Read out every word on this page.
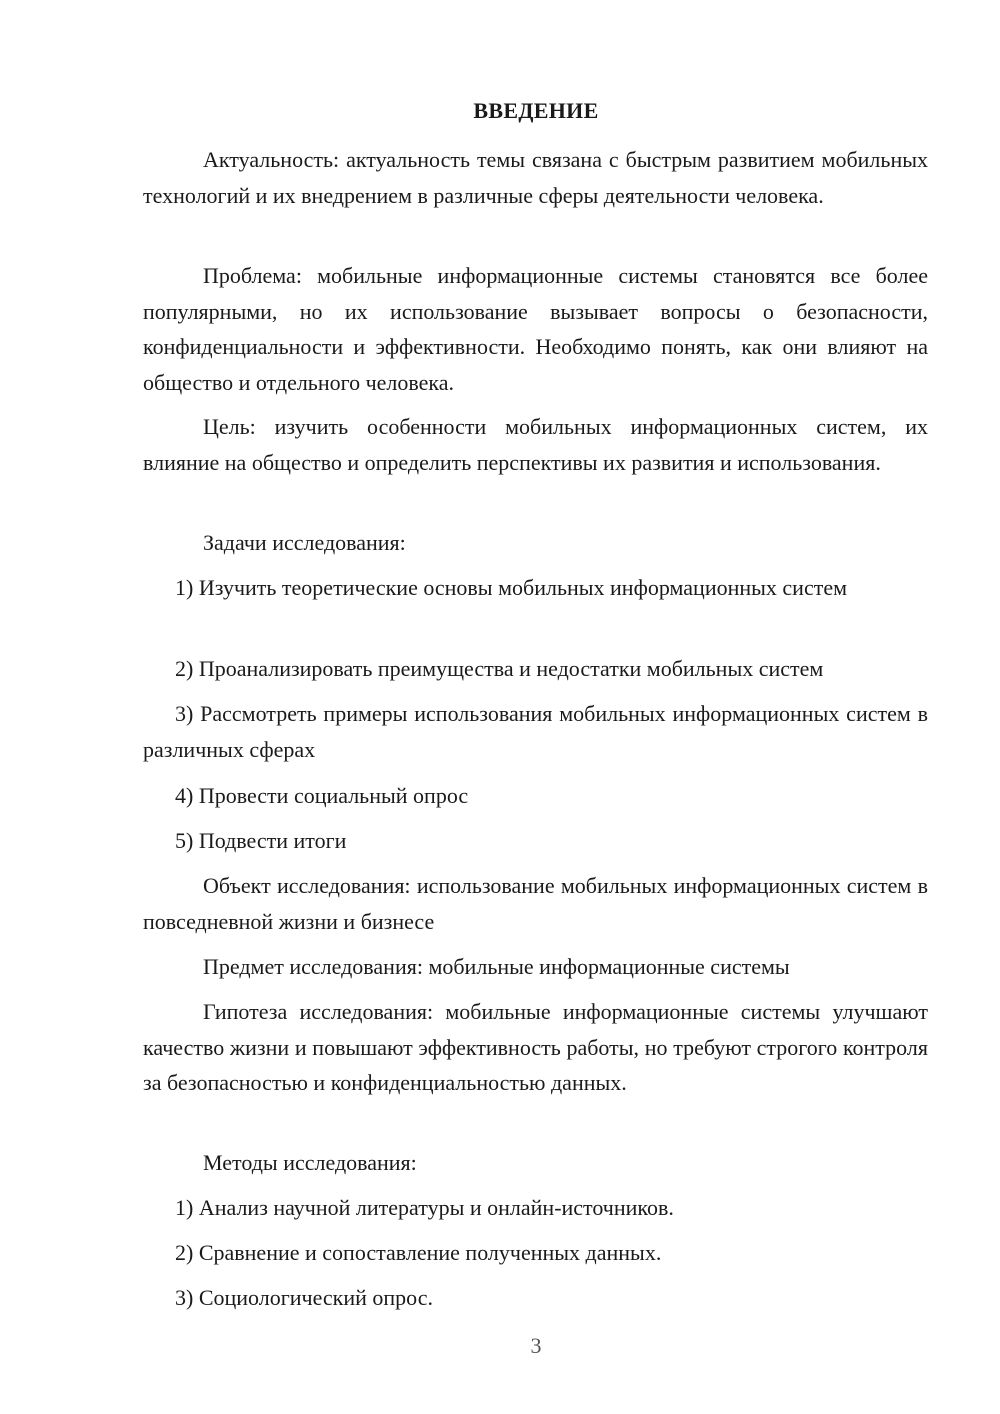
ВВЕДЕНИЕ

Актуальность: актуальность темы связана с быстрым развитием мобильных технологий и их внедрением в различные сферы деятельности человека.

Проблема: мобильные информационные системы становятся все более популярными, но их использование вызывает вопросы о безопасности, конфиденциальности и эффективности. Необходимо понять, как они влияют на общество и отдельного человека.

Цель: изучить особенности мобильных информационных систем, их влияние на общество и определить перспективы их развития и использования.

Задачи исследования:

1) Изучить теоретические основы мобильных информационных систем

2) Проанализировать преимущества и недостатки мобильных систем

3) Рассмотреть примеры использования мобильных информационных систем в различных сферах

4) Провести социальный опрос

5) Подвести итоги

Объект исследования: использование мобильных информационных систем в повседневной жизни и бизнесе

Предмет исследования: мобильные информационные системы

Гипотеза исследования: мобильные информационные системы улучшают качество жизни и повышают эффективность работы, но требуют строгого контроля за безопасностью и конфиденциальностью данных.

Методы исследования:

1) Анализ научной литературы и онлайн-источников.

2) Сравнение и сопоставление полученных данных.

3) Социологический опрос.

3
